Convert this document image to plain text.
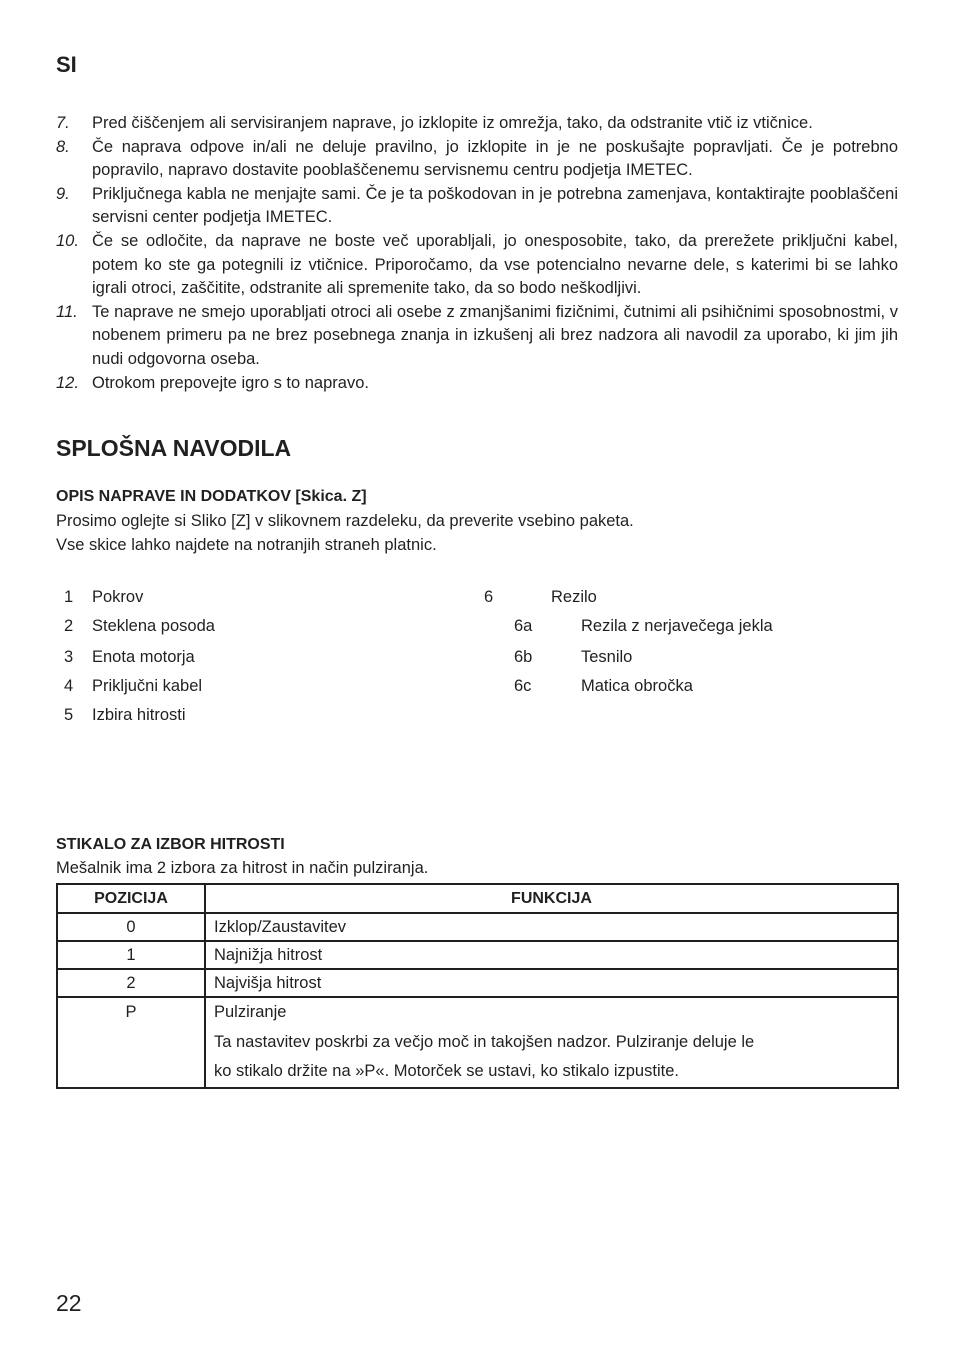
SI
7.	Pred čiščenjem ali servisiranjem naprave, jo izklopite iz omrežja, tako, da odstranite vtič iz vtičnice.
8.	Če naprava odpove in/ali ne deluje pravilno, jo izklopite in je ne poskušajte popravljati. Če je potrebno popravilo, napravo dostavite pooblaščenemu servisnemu centru podjetja IMETEC.
9.	Priključnega kabla ne menjajte sami. Če je ta poškodovan in je potrebna zamenjava, kontaktirajte pooblaščeni servisni center podjetja IMETEC.
10. Če se odločite, da naprave ne boste več uporabljali, jo onesposobite, tako, da prerežete priključni kabel, potem ko ste ga potegnili iz vtičnice. Priporočamo, da vse potencialno nevarne dele, s katerimi bi se lahko igrali otroci, zaščitite, odstranite ali spremenite tako, da so bodo neškodljivi.
11. Te naprave ne smejo uporabljati otroci ali osebe z zmanjšanimi fizičnimi, čutnimi ali psihičnimi sposobnostmi, v nobenem primeru pa ne brez posebnega znanja in izkušenj ali brez nadzora ali navodil za uporabo, ki jim jih nudi odgovorna oseba.
12. Otrokom prepovejte igro s to napravo.
SPLOŠNA NAVODILA
OPIS NAPRAVE IN DODATKOV [Skica. Z]
Prosimo oglejte si Sliko [Z] v slikovnem razdeleku, da preverite vsebino paketa.
Vse skice lahko najdete na notranjih straneh platnic.
1 Pokrov
2 Steklena posoda
3 Enota motorja
4 Priključni kabel
5 Izbira hitrosti
6	Rezilo
6a	Rezila z nerjavečega jekla
6b	Tesnilo
6c	Matica obročka
STIKALO ZA IZBOR HITROSTI
Mešalnik ima 2 izbora za hitrost in način pulziranja.
POZICIJA	FUNKCIJA
0	Izklop/Zaustavitev
1	Najnižja hitrost
2	Najvišja hitrost
P	Pulziranje
Ta nastavitev poskrbi za večjo moč in takojšen nadzor. Pulziranje deluje le
ko stikalo držite na »P«. Motorček se ustavi, ko stikalo izpustite.
22
